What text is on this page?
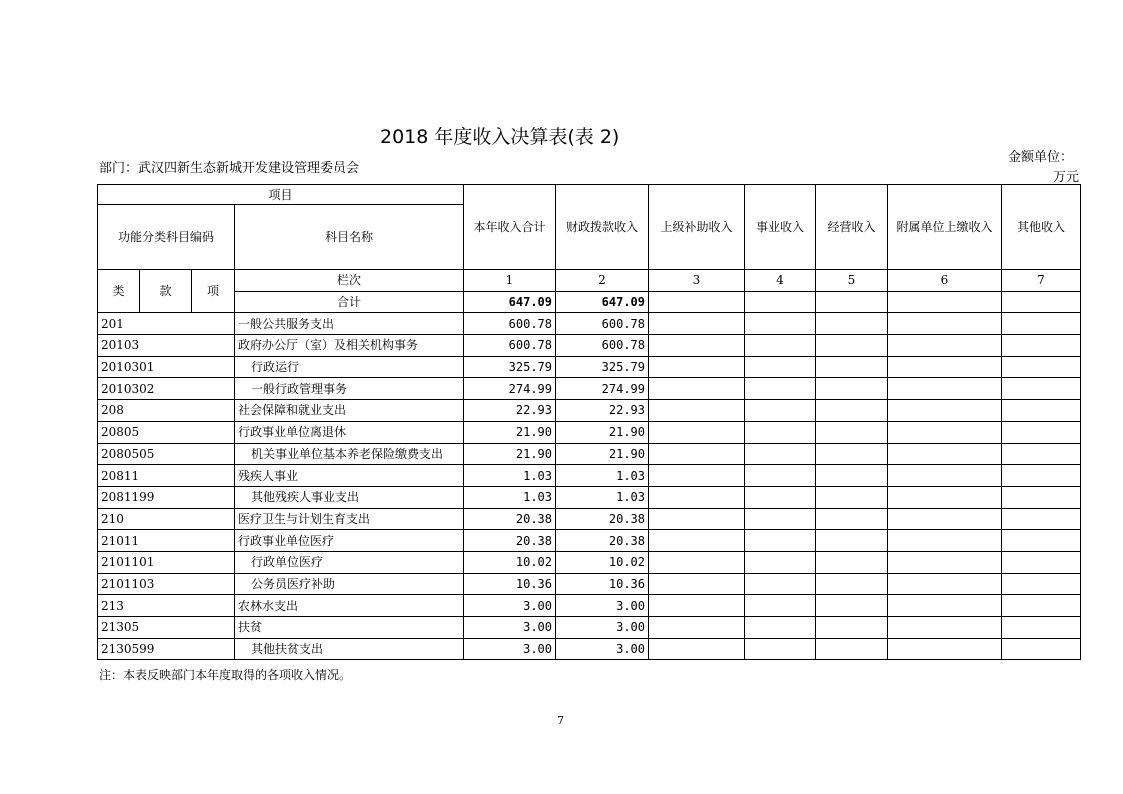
2018 年度收入决算表(表 2)
部门：武汉四新生态新城开发建设管理委员会
金额单位：
万元
项目				本年收入合计	财政拨款收入	上级补助收入	事业收入	经营收入	附属单位上缴收入	其他收入
功能分类科目编码			科目名称							
类	款	项	栏次	1	2	3	4	5	6	7
			合计	647.09	647.09					
201			一般公共服务支出	600.78	600.78					
20103			政府办公厅（室）及相关机构事务	600.78	600.78					
2010301			行政运行	325.79	325.79					
2010302			一般行政管理事务	274.99	274.99					
208			社会保障和就业支出	22.93	22.93					
20805			行政事业单位离退休	21.90	21.90					
2080505			机关事业单位基本养老保险缴费支出	21.90	21.90					
20811			残疾人事业	1.03	1.03					
2081199			其他残疾人事业支出	1.03	1.03					
210			医疗卫生与计划生育支出	20.38	20.38					
21011			行政事业单位医疗	20.38	20.38					
2101101			行政单位医疗	10.02	10.02					
2101103			公务员医疗补助	10.36	10.36					
213			农林水支出	3.00	3.00					
21305			扶贫	3.00	3.00					
2130599			其他扶贫支出	3.00	3.00					
注：本表反映部门本年度取得的各项收入情况。
7
